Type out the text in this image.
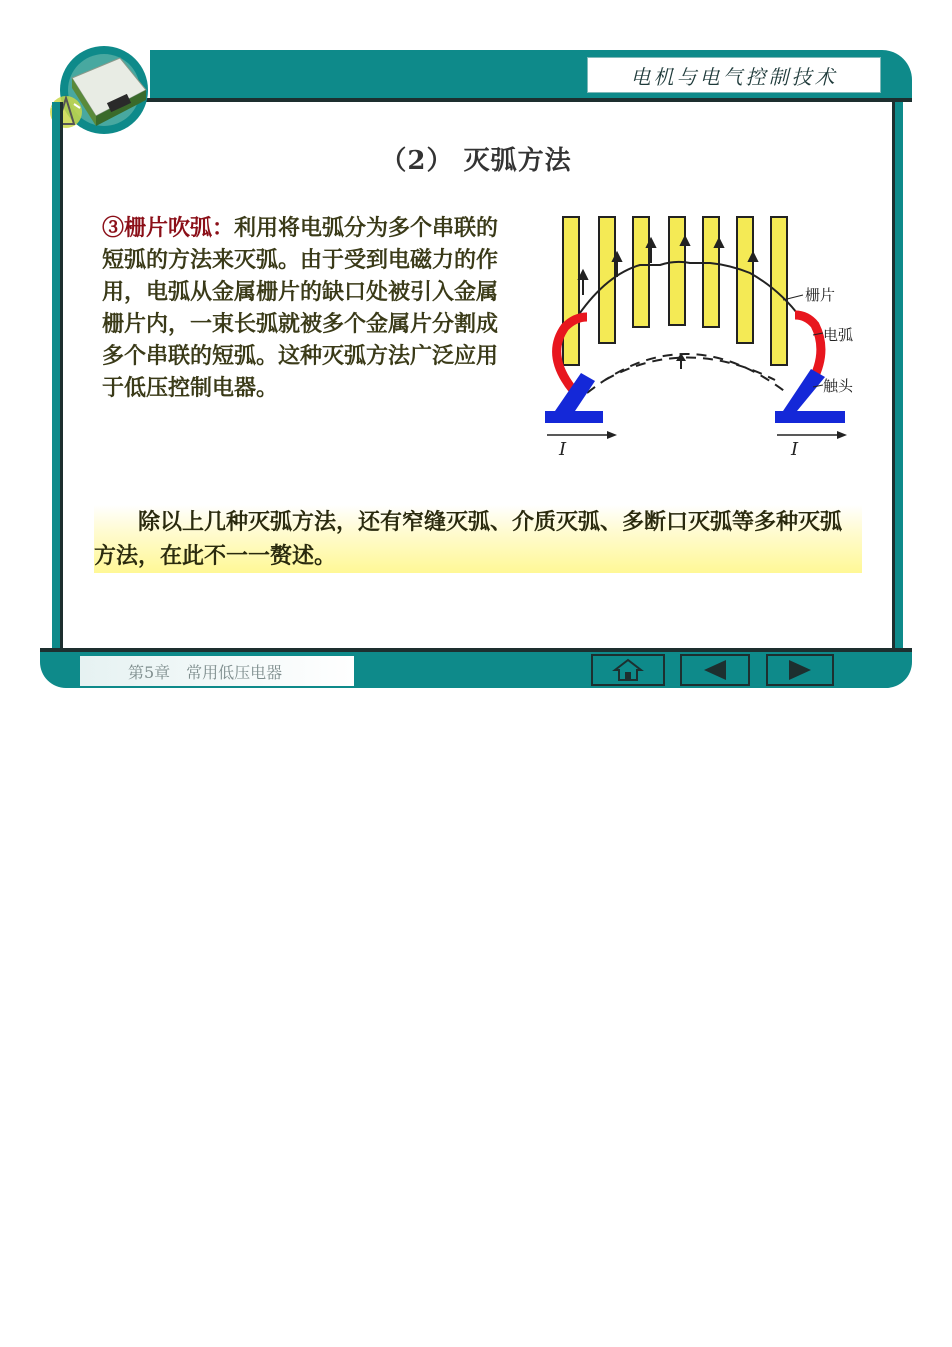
电机与电气控制技术
（2） 灭弧方法
③栅片吹弧：利用将电弧分为多个串联的短弧的方法来灭弧。由于受到电磁力的作用，电弧从金属栅片的缺口处被引入金属栅片内，一束长弧就被多个金属片分割成多个串联的短弧。这种灭弧方法广泛应用于低压控制电器。
I	I
栅片
电弧
触头
除以上几种灭弧方法，还有窄缝灭弧、介质灭弧、多断口灭弧等多种灭弧方法，在此不一一赘述。
第5章　常用低压电器
